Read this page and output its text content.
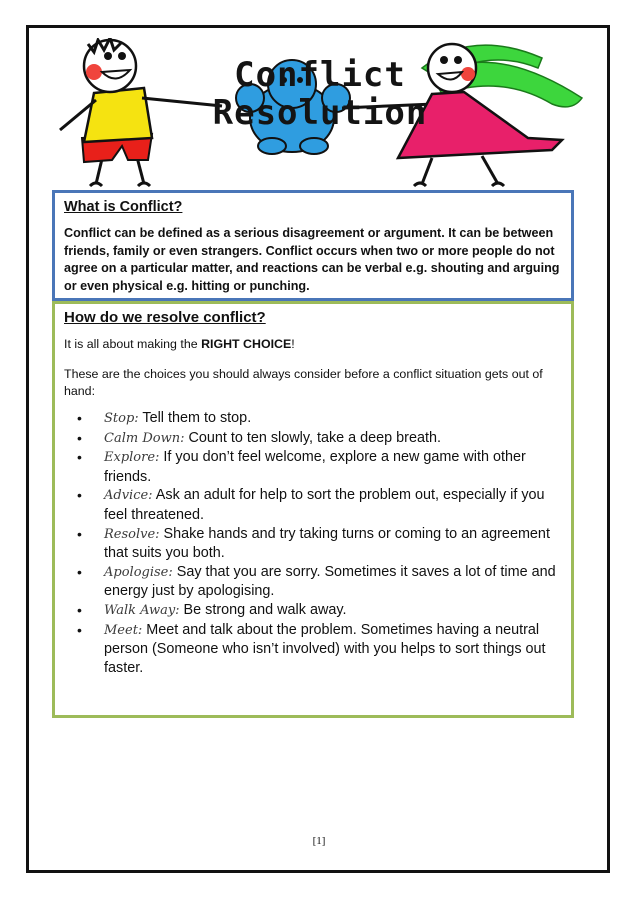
Conflict
Resolution
What is Conflict?

Conflict can be defined as a serious disagreement or argument. It can be between friends, family or even strangers. Conflict occurs when two or more people do not agree on a particular matter, and reactions can be verbal e.g. shouting and arguing or even physical e.g. hitting or punching.

How do we resolve conflict?

It is all about making the RIGHT CHOICE!

These are the choices you should always consider before a conflict situation gets out of hand:

• Stop: Tell them to stop.
• Calm Down: Count to ten slowly, take a deep breath.
• Explore: If you don’t feel welcome, explore a new game with other friends.
• Advice: Ask an adult for help to sort the problem out, especially if you feel threatened.
• Resolve: Shake hands and try taking turns or coming to an agreement that suits you both.
• Apologise: Say that you are sorry. Sometimes it saves a lot of time and energy just by apologising.
• Walk Away: Be strong and walk away.
• Meet: Meet and talk about the problem. Sometimes having a neutral person (Someone who isn’t involved) with you helps to sort things out faster.
[1]
